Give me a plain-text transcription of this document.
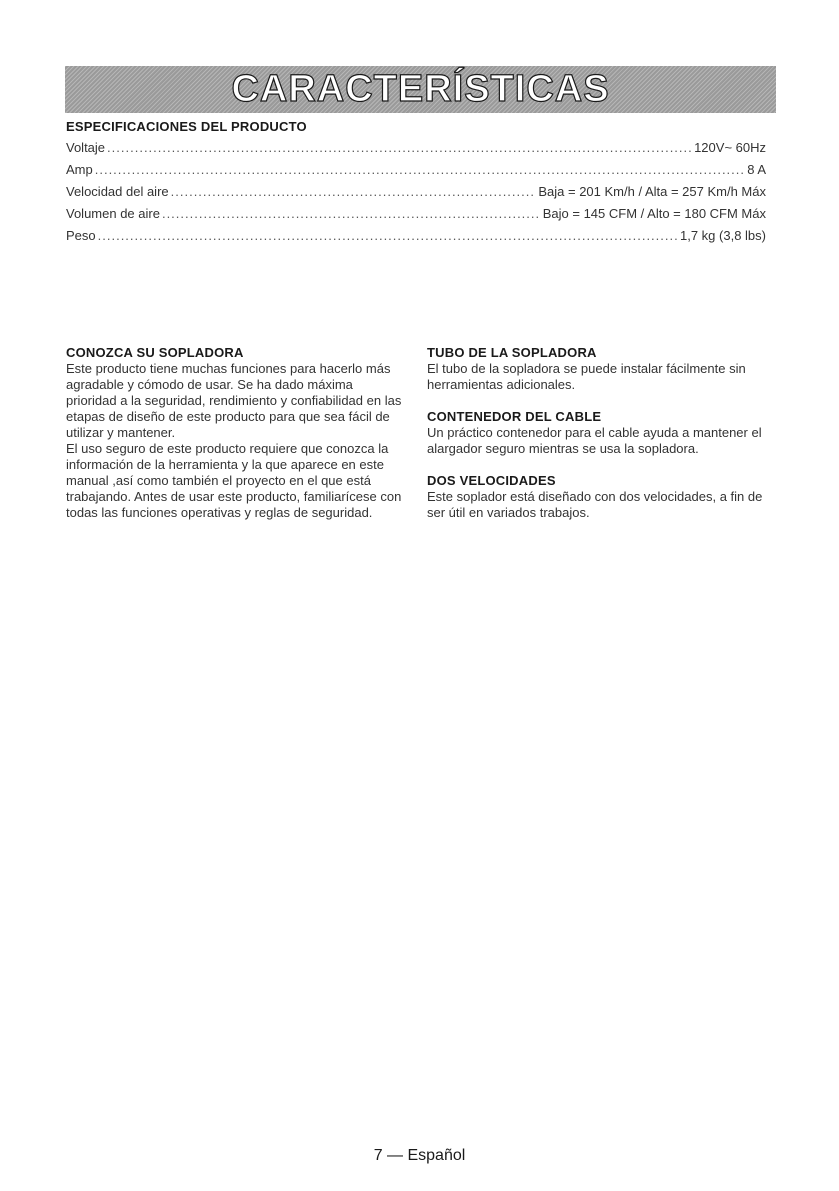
CARACTERÍSTICAS
ESPECIFICACIONES DEL PRODUCTO
Voltaje .....	120V~ 60Hz
Amp .....	8 A
Velocidad del aire .....	Baja = 201 Km/h / Alta = 257 Km/h Máx
Volumen de aire .....	Bajo = 145 CFM / Alto = 180 CFM Máx
Peso .....	1,7 kg (3,8 lbs)
CONOZCA SU SOPLADORA

Este producto tiene muchas funciones para hacerlo más agradable y cómodo de usar. Se ha dado máxima prioridad a la seguridad, rendimiento y confiabilidad en las etapas de diseño de este producto para que sea fácil de utilizar y mantener.

El uso seguro de este producto requiere que conozca la información de la herramienta y la que aparece en este manual ,así como también el proyecto en el que está trabajando. Antes de usar este producto, familiarícese con todas las funciones operativas y reglas de seguridad.

TUBO DE LA SOPLADORA

El tubo de la sopladora se puede instalar fácilmente sin herramientas adicionales.

CONTENEDOR DEL CABLE

Un práctico contenedor para el cable ayuda a mantener el alargador seguro mientras se usa la sopladora.

DOS VELOCIDADES

Este soplador está diseñado con dos velocidades, a fin de ser útil en variados trabajos.

7 — Español
